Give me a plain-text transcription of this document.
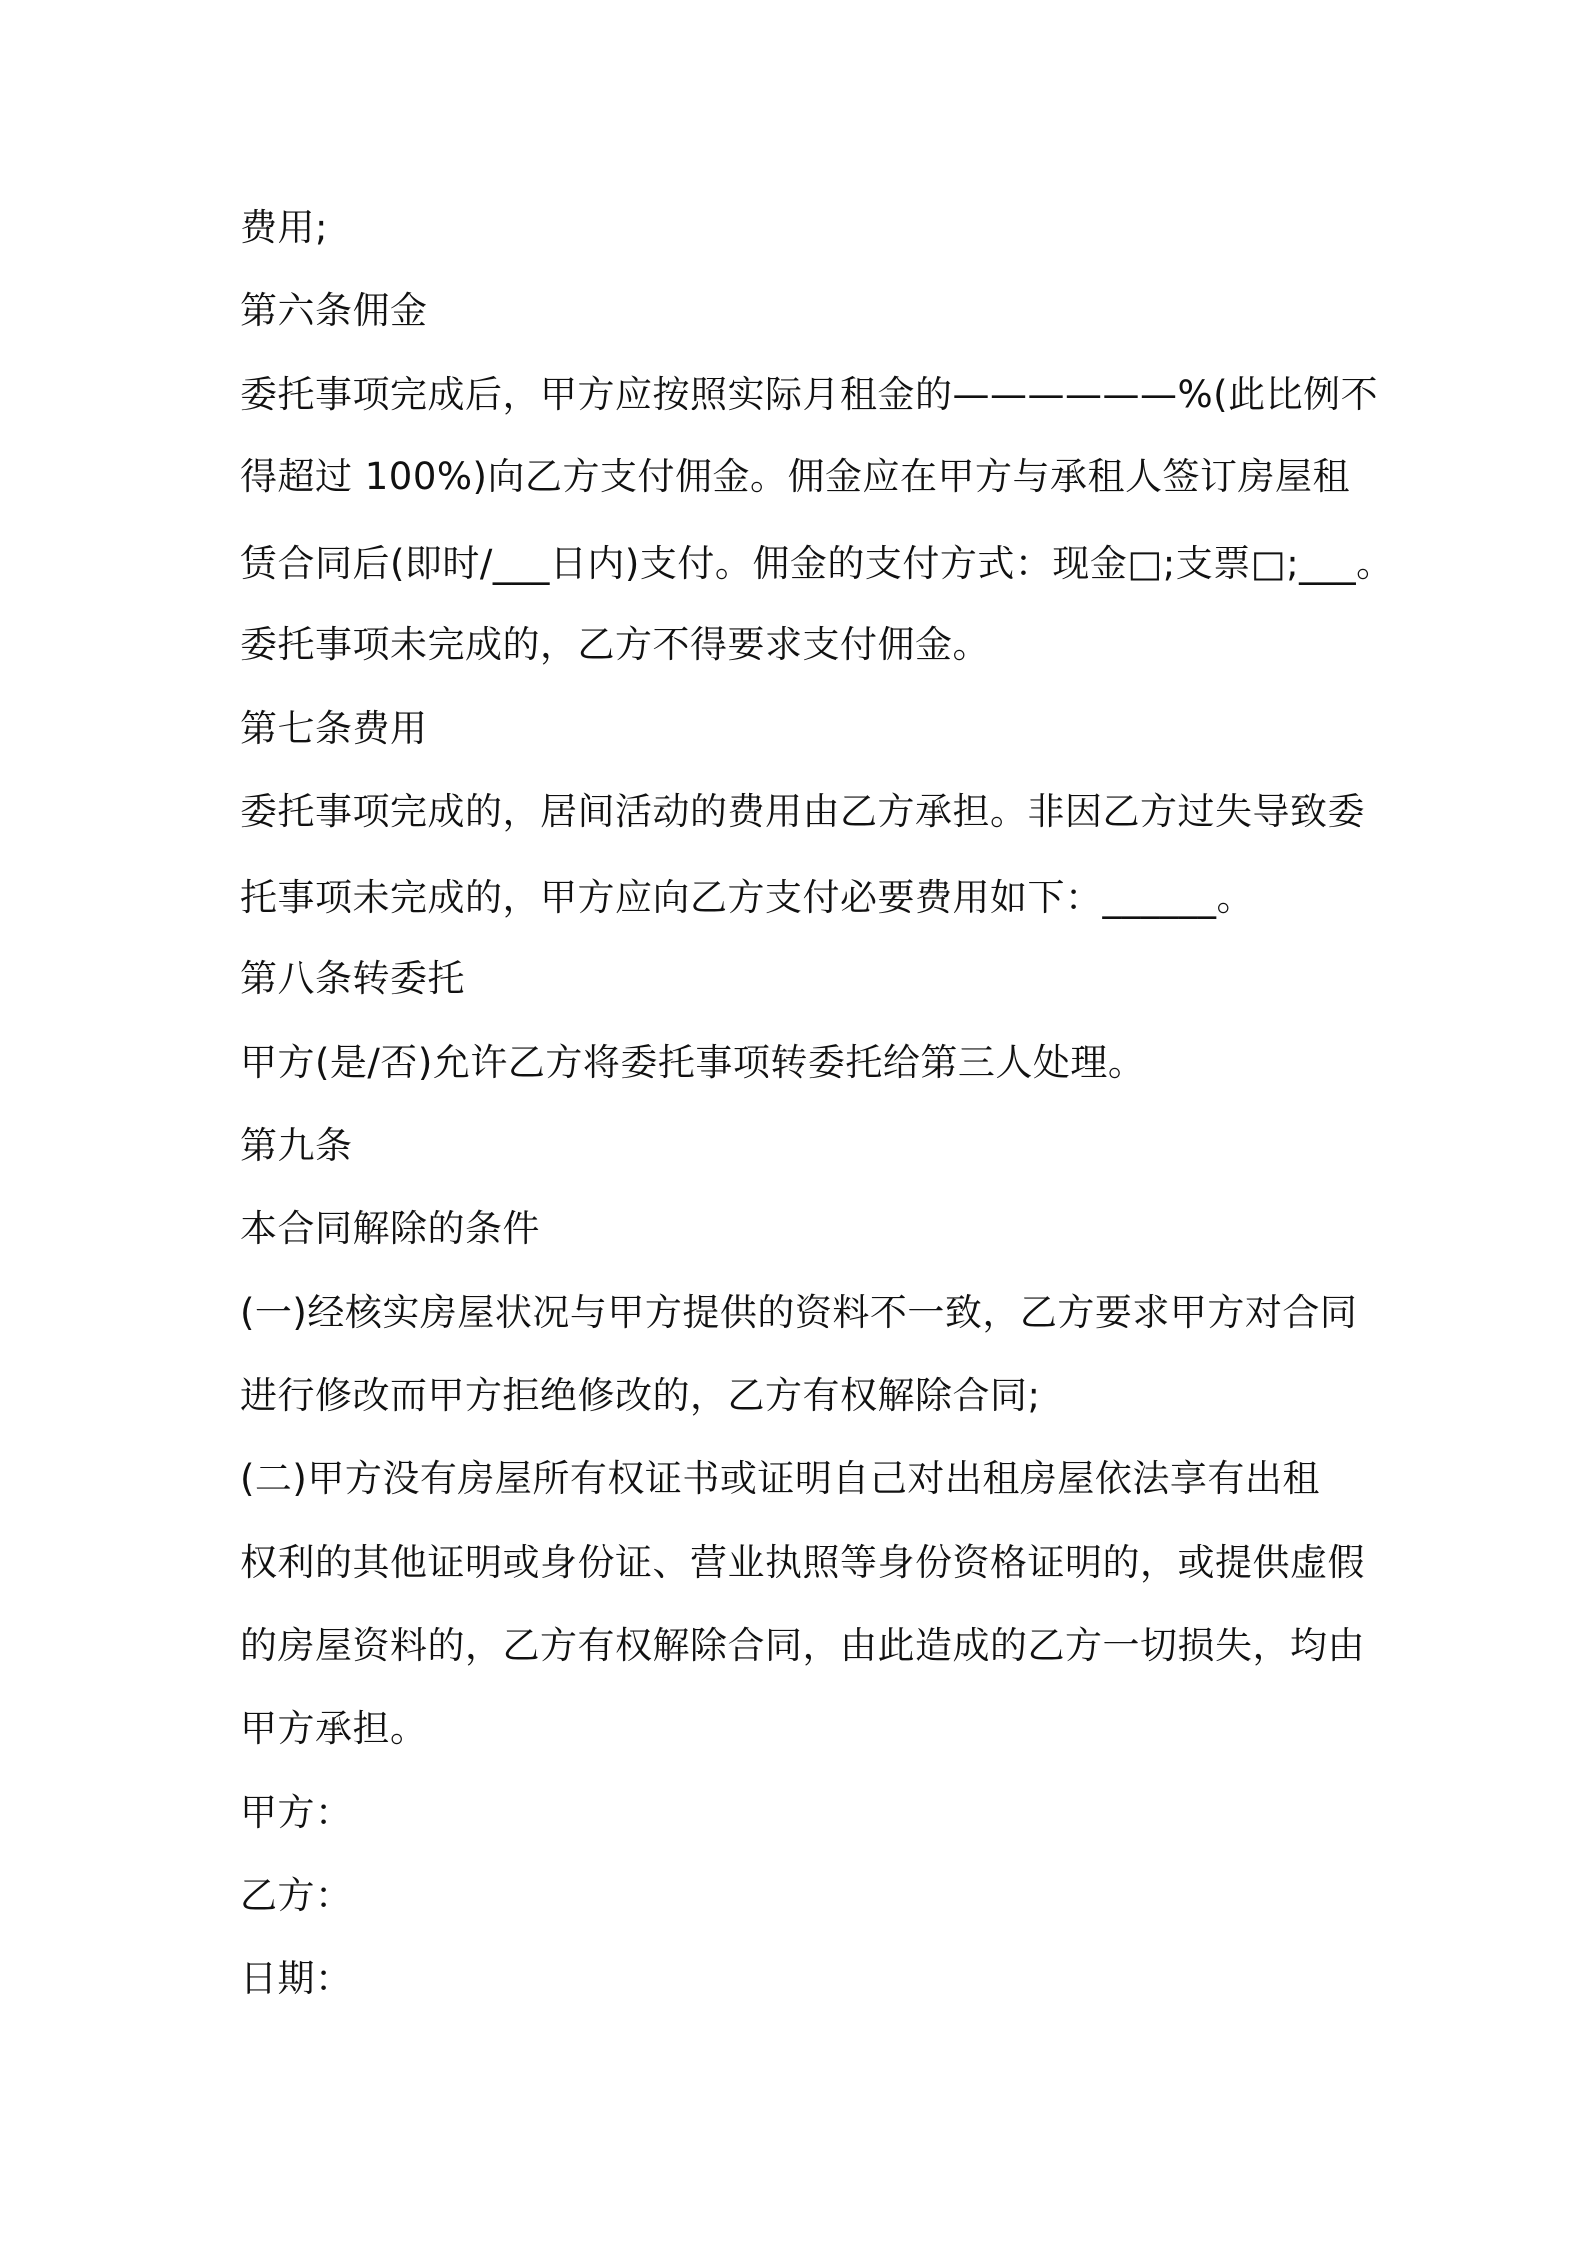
费用;

第六条佣金

委托事项完成后，甲方应按照实际月租金的——————%(此比例不

得超过 100%)向乙方支付佣金。佣金应在甲方与承租人签订房屋租

赁合同后(即时/___日内)支付。佣金的支付方式：现金□;支票□;___。

委托事项未完成的，乙方不得要求支付佣金。

第七条费用

委托事项完成的，居间活动的费用由乙方承担。非因乙方过失导致委

托事项未完成的，甲方应向乙方支付必要费用如下：______。

第八条转委托

甲方(是/否)允许乙方将委托事项转委托给第三人处理。

第九条

本合同解除的条件

(一)经核实房屋状况与甲方提供的资料不一致，乙方要求甲方对合同

进行修改而甲方拒绝修改的，乙方有权解除合同;

(二)甲方没有房屋所有权证书或证明自己对出租房屋依法享有出租

权利的其他证明或身份证、营业执照等身份资格证明的，或提供虚假

的房屋资料的，乙方有权解除合同，由此造成的乙方一切损失，均由

甲方承担。

甲方：

乙方：

日期：
